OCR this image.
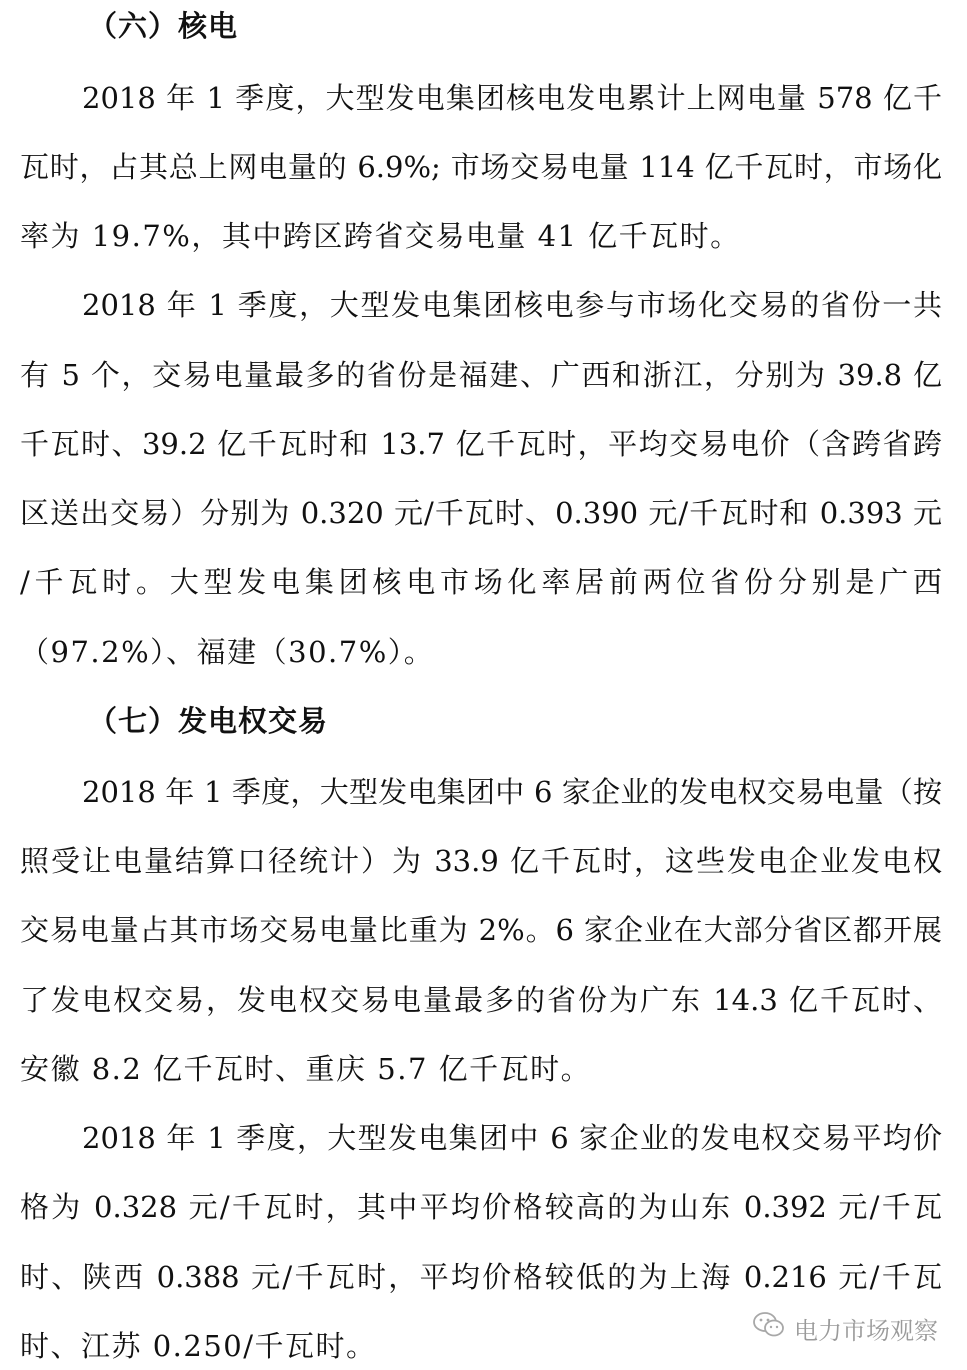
（六）核电
2018 年 1 季度，大型发电集团核电发电累计上网电量 578 亿千
瓦时，占其总上网电量的 6.9%; 市场交易电量 114 亿千瓦时，市场化
率为 19.7%，其中跨区跨省交易电量 41 亿千瓦时。
2018 年 1 季度，大型发电集团核电参与市场化交易的省份一共
有 5 个，交易电量最多的省份是福建、广西和浙江，分别为 39.8 亿
千瓦时、39.2 亿千瓦时和 13.7 亿千瓦时，平均交易电价（含跨省跨
区送出交易）分别为 0.320 元/千瓦时、0.390 元/千瓦时和 0.393 元
/千瓦时。大型发电集团核电市场化率居前两位省份分别是广西
（97.2%）、福建（30.7%）。
（七）发电权交易
2018 年 1 季度，大型发电集团中 6 家企业的发电权交易电量（按
照受让电量结算口径统计）为 33.9 亿千瓦时，这些发电企业发电权
交易电量占其市场交易电量比重为 2%。6 家企业在大部分省区都开展
了发电权交易，发电权交易电量最多的省份为广东 14.3 亿千瓦时、
安徽 8.2 亿千瓦时、重庆 5.7 亿千瓦时。
2018 年 1 季度，大型发电集团中 6 家企业的发电权交易平均价
格为 0.328 元/千瓦时，其中平均价格较高的为山东 0.392 元/千瓦
时、陕西 0.388 元/千瓦时，平均价格较低的为上海 0.216 元/千瓦
时、江苏 0.250/千瓦时。	电力市场观察
